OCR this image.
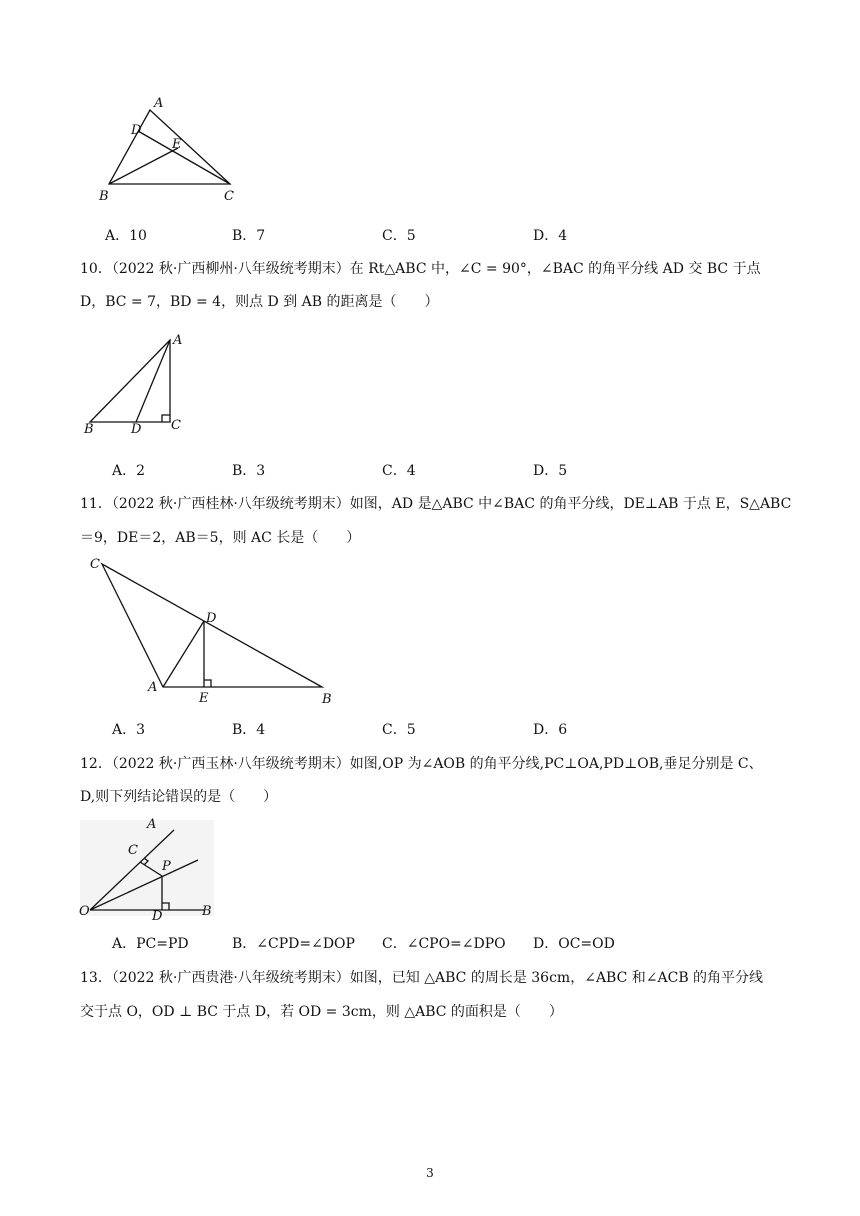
A
D
E
B	C
A．10	B．7	C．5	D．4
10．（2022 秋·广西柳州·八年级统考期末）在 Rt△ABC 中，∠C = 90°，∠BAC 的角平分线 AD 交 BC 于点
D，BC = 7，BD = 4，则点 D 到 AB 的距离是（　　）
A
B	D C
A．2	B．3	C．4	D．5
11．（2022 秋·广西桂林·八年级统考期末）如图，AD 是△ABC 中∠BAC 的角平分线，DE⊥AB 于点 E，S△ABC
＝9，DE＝2，AB＝5，则 AC 长是（　　）
C
D
A
E	B
A．3	B．4	C．5	D．6
12．（2022 秋·广西玉林·八年级统考期末）如图,OP 为∠AOB 的角平分线,PC⊥OA,PD⊥OB,垂足分别是 C、
D,则下列结论错误的是（　　）
A
C
P
O	D	B
A．PC=PD	B．∠CPD=∠DOP C．∠CPO=∠DPO D．OC=OD
13．（2022 秋·广西贵港·八年级统考期末）如图，已知 △ABC 的周长是 36cm，∠ABC 和∠ACB 的角平分线
交于点 O，OD ⊥ BC 于点 D，若 OD = 3cm，则 △ABC 的面积是（　　）
3
